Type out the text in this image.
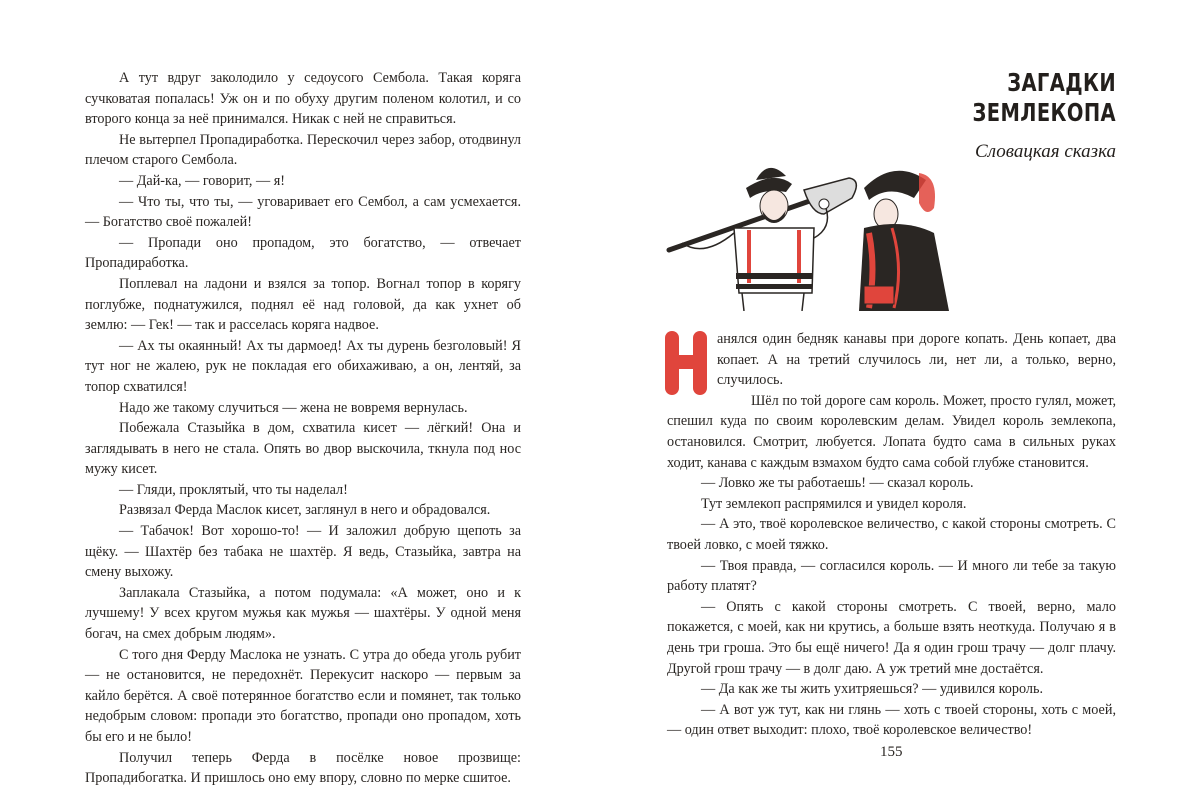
А тут вдруг заколодило у седоусого Сембола. Такая коряга сучковатая попалась! Уж он и по обуху другим поленом колотил, и со второго конца за неё принимался. Никак с ней не справиться.

Не вытерпел Пропадиработка. Перескочил через забор, отодвинул плечом старого Сембола.

— Дай-ка, — говорит, — я!

— Что ты, что ты, — уговаривает его Сембол, а сам усмехается. — Богатство своё пожалей!

— Пропади оно пропадом, это богатство, — отвечает Пропадиработка.

Поплевал на ладони и взялся за топор. Вогнал топор в корягу поглубже, поднатужился, поднял её над головой, да как ухнет об землю: — Гек! — так и расселась коряга надвое.

— Ах ты окаянный! Ах ты дармоед! Ах ты дурень безголовый! Я тут ног не жалею, рук не покладая его обихаживаю, а он, лентяй, за топор схватился!

Надо же такому случиться — жена не вовремя вернулась.

Побежала Стазыйка в дом, схватила кисет — лёгкий! Она и заглядывать в него не стала. Опять во двор выскочила, ткнула под нос мужу кисет.

— Гляди, проклятый, что ты наделал!

Развязал Ферда Маслок кисет, заглянул в него и обрадовался.

— Табачок! Вот хорошо-то! — И заложил добрую щепоть за щёку. — Шахтёр без табака не шахтёр. Я ведь, Стазыйка, завтра на смену выхожу.

Заплакала Стазыйка, а потом подумала: «А может, оно и к лучшему! У всех кругом мужья как мужья — шахтёры. У одной меня богач, на смех добрым людям».

С того дня Ферду Маслока не узнать. С утра до обеда уголь рубит — не остановится, не передохнёт. Перекусит наскоро — первым за кайло берётся. А своё потерянное богатство если и помянет, так только недобрым словом: пропади это богатство, пропади оно пропадом, хоть бы его и не было!

Получил теперь Ферда в посёлке новое прозвище: Пропадибогатка. И пришлось оно ему впору, словно по мерке сшитое.

ЗАГАДКИ
ЗЕМЛЕКОПА
Словацкая сказка

анялся один бедняк канавы при дороге копать. День копает, два копает. А на третий случилось ли, нет ли, а только, верно, случилось.

Шёл по той дороге сам король. Может, просто гулял, может, спешил куда по своим королевским делам. Увидел король землекопа, остановился. Смотрит, любуется. Лопата будто сама в сильных руках ходит, канава с каждым взмахом будто сама собой глубже становится.

— Ловко же ты работаешь! — сказал король.

Тут землекоп распрямился и увидел короля.

— А это, твоё королевское величество, с какой стороны смотреть. С твоей ловко, с моей тяжко.

— Твоя правда, — согласился король. — И много ли тебе за такую работу платят?

— Опять с какой стороны смотреть. С твоей, верно, мало покажется, с моей, как ни крутись, а больше взять неоткуда. Получаю я в день три гроша. Это бы ещё ничего! Да я один грош трачу — долг плачу. Другой грош трачу — в долг даю. А уж третий мне достаётся.

— Да как же ты жить ухитряешься? — удивился король.

— А вот уж тут, как ни глянь — хоть с твоей стороны, хоть с моей, — один ответ выходит: плохо, твоё королевское величество!

155
